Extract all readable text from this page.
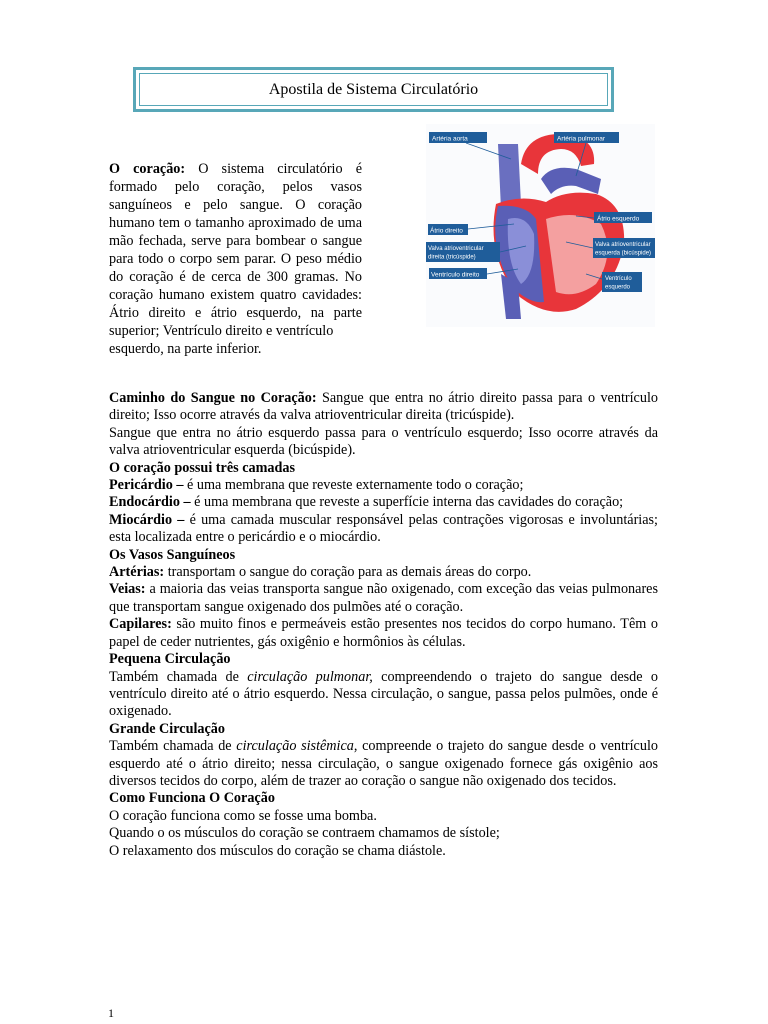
Apostila de Sistema Circulatório
O coração: O sistema circulatório é formado pelo coração, pelos vasos sanguíneos e pelo sangue. O coração humano tem o tamanho aproximado de uma mão fechada, serve para bombear o sangue para todo o corpo sem parar. O peso médio do coração é de cerca de 300 gramas. No coração humano existem quatro cavidades: Átrio direito e átrio esquerdo, na parte superior; Ventrículo direito e ventrículo
esquerdo, na parte inferior.
Artéria aorta	Artéria pulmonar
Átrio direito
Átrio esquerdo
Valva atrioventricular
direita (tricúspide)
Valva atrioventricular
esquerda (bicúspide)
Ventrículo direito
Ventrículo
esquerdo

Caminho do Sangue no Coração: Sangue que entra no átrio direito passa para o ventrículo direito; Isso ocorre através da valva atrioventricular direita (tricúspide).

Sangue que entra no átrio esquerdo passa para o ventrículo esquerdo; Isso ocorre através da valva atrioventricular esquerda (bicúspide).

O coração possui três camadas

Pericárdio – é uma membrana que reveste externamente todo o coração;

Endocárdio – é uma membrana que reveste a superfície interna das cavidades do coração;

Miocárdio – é uma camada muscular responsável pelas contrações vigorosas e involuntárias; esta localizada entre o pericárdio e o miocárdio.

Os Vasos Sanguíneos

Artérias: transportam o sangue do coração para as demais áreas do corpo.

Veias: a maioria das veias transporta sangue não oxigenado, com exceção das veias pulmonares que transportam sangue oxigenado dos pulmões até o coração.

Capilares: são muito finos e permeáveis estão presentes nos tecidos do corpo humano. Têm o papel de ceder nutrientes, gás oxigênio e hormônios às células.

Pequena Circulação

Também chamada de circulação pulmonar, compreendendo o trajeto do sangue desde o ventrículo direito até o átrio esquerdo. Nessa circulação, o sangue, passa pelos pulmões, onde é oxigenado.

Grande Circulação

Também chamada de circulação sistêmica, compreende o trajeto do sangue desde o ventrículo esquerdo até o átrio direito; nessa circulação, o sangue oxigenado fornece gás oxigênio aos diversos tecidos do corpo, além de trazer ao coração o sangue não oxigenado dos tecidos.

Como Funciona O Coração

O coração funciona como se fosse uma bomba.

Quando o os músculos do coração se contraem chamamos de sístole;

O relaxamento dos músculos do coração se chama diástole.

1
